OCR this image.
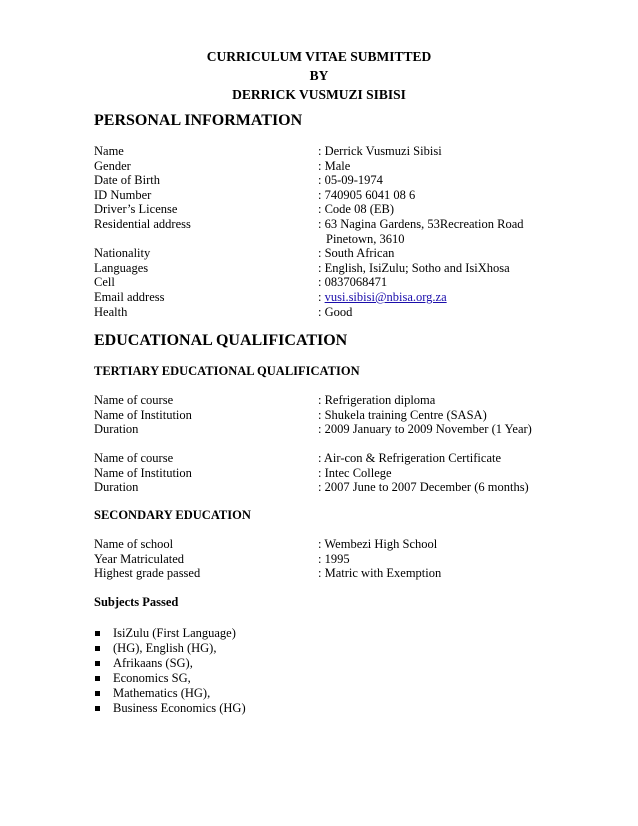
CURRICULUM VITAE SUBMITTED
BY
DERRICK VUSMUZI SIBISI
PERSONAL INFORMATION
Name	: Derrick Vusmuzi Sibisi
Gender	: Male
Date of Birth	: 05-09-1974
ID Number	: 740905 6041 08 6
Driver’s License	: Code 08 (EB)
Residential address	: 63 Nagina Gardens, 53Recreation Road
Pinetown, 3610
Nationality	: South African
Languages	: English, IsiZulu; Sotho and IsiXhosa
Cell	: 0837068471
Email address	: vusi.sibisi@nbisa.org.za
Health	: Good
EDUCATIONAL QUALIFICATION
TERTIARY EDUCATIONAL QUALIFICATION
Name of course	: Refrigeration diploma
Name of Institution	: Shukela training Centre (SASA)
Duration	: 2009 January to 2009 November (1 Year)
Name of course	: Air-con & Refrigeration Certificate
Name of Institution	: Intec College
Duration	: 2007 June to 2007 December (6 months)
SECONDARY EDUCATION
Name of school	: Wembezi High School
Year Matriculated	: 1995
Highest grade passed	: Matric with Exemption
Subjects Passed
IsiZulu (First Language)
(HG), English (HG),
Afrikaans (SG),
Economics SG,
Mathematics (HG),
Business Economics (HG)
